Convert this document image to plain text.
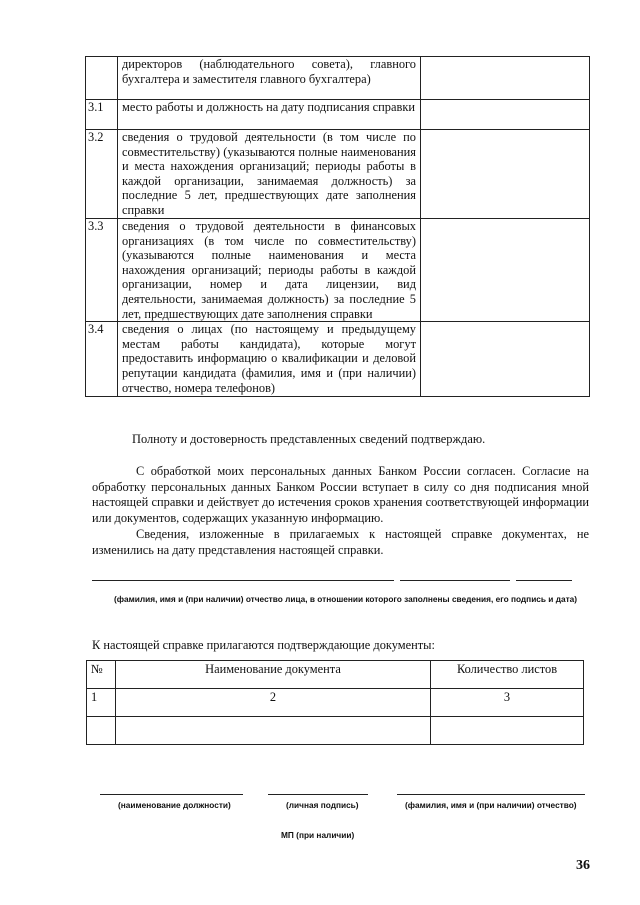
	директоров (наблюдательного совета), главного бухгалтера и заместителя главного бухгалтера)	
3.1	место работы и должность на дату подписания справки	
3.2	сведения о трудовой деятельности (в том числе по совместительству) (указываются полные наименования и места нахождения организаций; периоды работы в каждой организации, занимаемая должность) за последние 5 лет, предшествующих дате заполнения справки	
3.3	сведения о трудовой деятельности в финансовых организациях (в том числе по совместительству) (указываются полные наименования и места нахождения организаций; периоды работы в каждой организации, номер и дата лицензии, вид деятельности, занимаемая должность) за последние 5 лет, предшествующих дате заполнения справки	
3.4	сведения о лицах (по настоящему и предыдущему местам работы кандидата), которые могут предоставить информацию о квалификации и деловой репутации кандидата (фамилия, имя и (при наличии) отчество, номера телефонов)	
Полноту и достоверность представленных сведений подтверждаю.
С обработкой моих персональных данных Банком России согласен. Согласие на обработку персональных данных Банком России вступает в силу со дня подписания мной настоящей справки и действует до истечения сроков хранения соответствующей информации или документов, содержащих указанную информацию.
Сведения, изложенные в прилагаемых к настоящей справке документах, не изменились на дату представления настоящей справки.
(фамилия, имя и (при наличии) отчество лица, в отношении которого заполнены сведения, его подпись и дата)
К настоящей справке прилагаются подтверждающие документы:
№	Наименование документа	Количество листов
1	2	3

(наименование должности)	(личная подпись)	(фамилия, имя и (при наличии) отчество)
МП (при наличии)
36
